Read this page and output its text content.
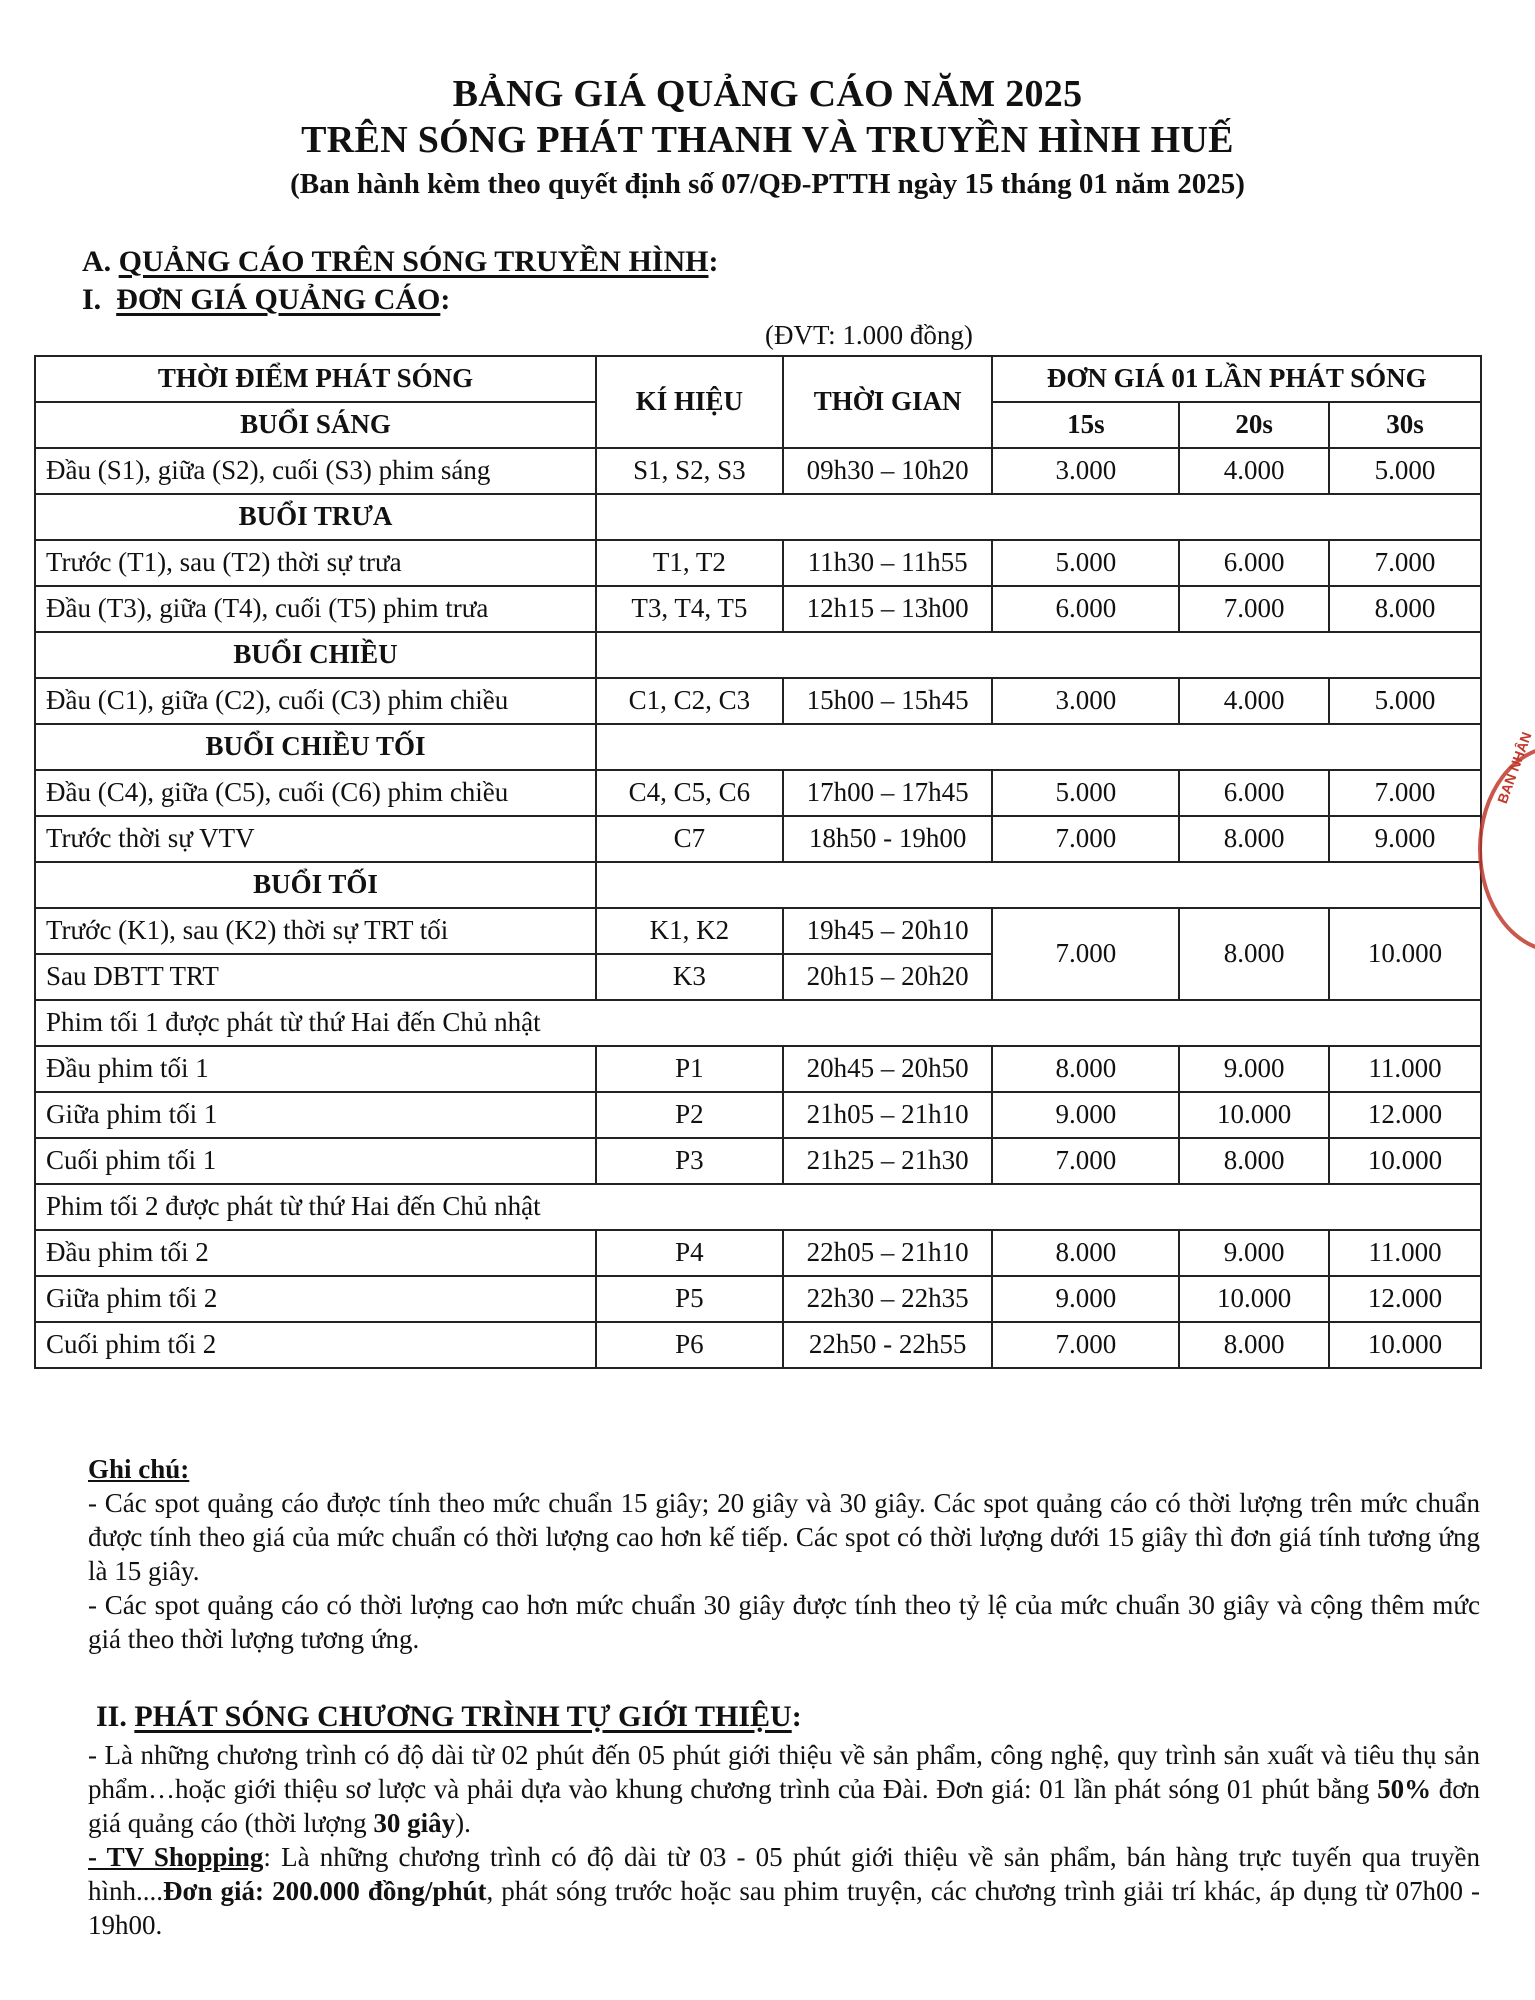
BẢNG GIÁ QUẢNG CÁO NĂM 2025
TRÊN SÓNG PHÁT THANH VÀ TRUYỀN HÌNH HUẾ
(Ban hành kèm theo quyết định số 07/QĐ-PTTH ngày 15 tháng 01 năm 2025)
A. QUẢNG CÁO TRÊN SÓNG TRUYỀN HÌNH:
I. ĐƠN GIÁ QUẢNG CÁO:
(ĐVT: 1.000 đồng)
THỜI ĐIỂM PHÁT SÓNG	KÍ HIỆU	THỜI GIAN	ĐƠN GIÁ 01 LẦN PHÁT SÓNG		
BUỔI SÁNG			15s	20s	30s
Đầu (S1), giữa (S2), cuối (S3) phim sáng	S1, S2, S3	09h30 – 10h20	3.000	4.000	5.000
BUỔI TRƯA					
Trước (T1), sau (T2) thời sự trưa	T1, T2	11h30 – 11h55	5.000	6.000	7.000
Đầu (T3), giữa (T4), cuối (T5) phim trưa	T3, T4, T5	12h15 – 13h00	6.000	7.000	8.000
BUỔI CHIỀU					
Đầu (C1), giữa (C2), cuối (C3) phim chiều	C1, C2, C3	15h00 – 15h45	3.000	4.000	5.000
BUỔI CHIỀU TỐI					
Đầu (C4), giữa (C5), cuối (C6) phim chiều	C4, C5, C6	17h00 – 17h45	5.000	6.000	7.000
Trước thời sự VTV	C7	18h50 - 19h00	7.000	8.000	9.000
BUỔI TỐI					
Trước (K1), sau (K2) thời sự TRT tối	K1, K2	19h45 – 20h10	7.000	8.000	10.000
Sau DBTT TRT	K3	20h15 – 20h20			
Phim tối 1 được phát từ thứ Hai đến Chủ nhật					
Đầu phim tối 1	P1	20h45 – 20h50	8.000	9.000	11.000
Giữa phim tối 1	P2	21h05 – 21h10	9.000	10.000	12.000
Cuối phim tối 1	P3	21h25 – 21h30	7.000	8.000	10.000
Phim tối 2 được phát từ thứ Hai đến Chủ nhật					
Đầu phim tối 2	P4	22h05 – 21h10	8.000	9.000	11.000
Giữa phim tối 2	P5	22h30 – 22h35	9.000	10.000	12.000
Cuối phim tối 2	P6	22h50 - 22h55	7.000	8.000	10.000

Ghi chú:

- Các spot quảng cáo được tính theo mức chuẩn 15 giây; 20 giây và 30 giây. Các spot quảng cáo có thời lượng trên mức chuẩn được tính theo giá của mức chuẩn có thời lượng cao hơn kế tiếp. Các spot có thời lượng dưới 15 giây thì đơn giá tính tương ứng là 15 giây.

- Các spot quảng cáo có thời lượng cao hơn mức chuẩn 30 giây được tính theo tỷ lệ của mức chuẩn 30 giây và cộng thêm mức giá theo thời lượng tương ứng.

II. PHÁT SÓNG CHƯƠNG TRÌNH TỰ GIỚI THIỆU:

- Là những chương trình có độ dài từ 02 phút đến 05 phút giới thiệu về sản phẩm, công nghệ, quy trình sản xuất và tiêu thụ sản phẩm…hoặc giới thiệu sơ lược và phải dựa vào khung chương trình của Đài. Đơn giá: 01 lần phát sóng 01 phút bằng 50% đơn giá quảng cáo (thời lượng 30 giây).

- TV Shopping: Là những chương trình có độ dài từ 03 - 05 phút giới thiệu về sản phẩm, bán hàng trực tuyến qua truyền hình....Đơn giá: 200.000 đồng/phút, phát sóng trước hoặc sau phim truyện, các chương trình giải trí khác, áp dụng từ 07h00 - 19h00.

BAN NHÂN
